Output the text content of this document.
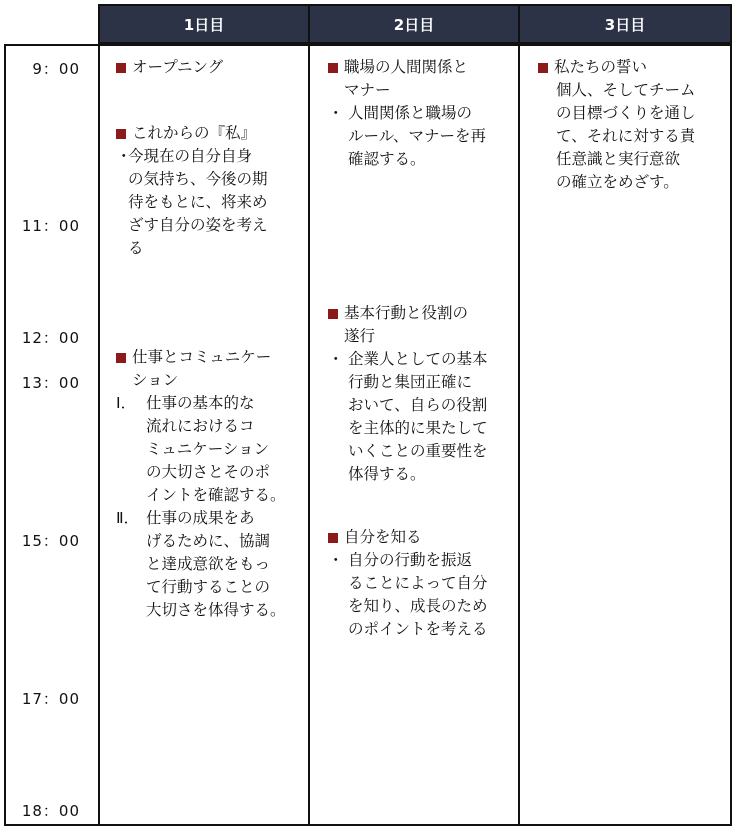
1日目	2日目	3日目
9：00
11：00
12：00
13：00
15：00
17：00
18：00
オープニング
これからの『私』
・
今現在の自分自身
の気持ち、今後の期
待をもとに、将来め
ざす自分の姿を考え
る
仕事とコミュニケー
ション
Ⅰ． 仕事の基本的な
流れにおけるコ
ミュニケーション
の大切さとそのポ
イントを確認する。
Ⅱ． 仕事の成果をあ
げるために、協調
と達成意欲をもっ
て行動することの
大切さを体得する。
職場の人間関係と
マナー
・ 人間関係と職場の
ルール、マナーを再
確認する。
基本行動と役割の
遂行
・ 企業人としての基本
行動と集団正確に
おいて、自らの役割
を主体的に果たして
いくことの重要性を
体得する。
自分を知る
・ 自分の行動を振返
ることによって自分
を知り、成長のため
のポイントを考える
私たちの誓い
個人、そしてチーム
の目標づくりを通し
て、それに対する責
任意識と実行意欲
の確立をめざす。
